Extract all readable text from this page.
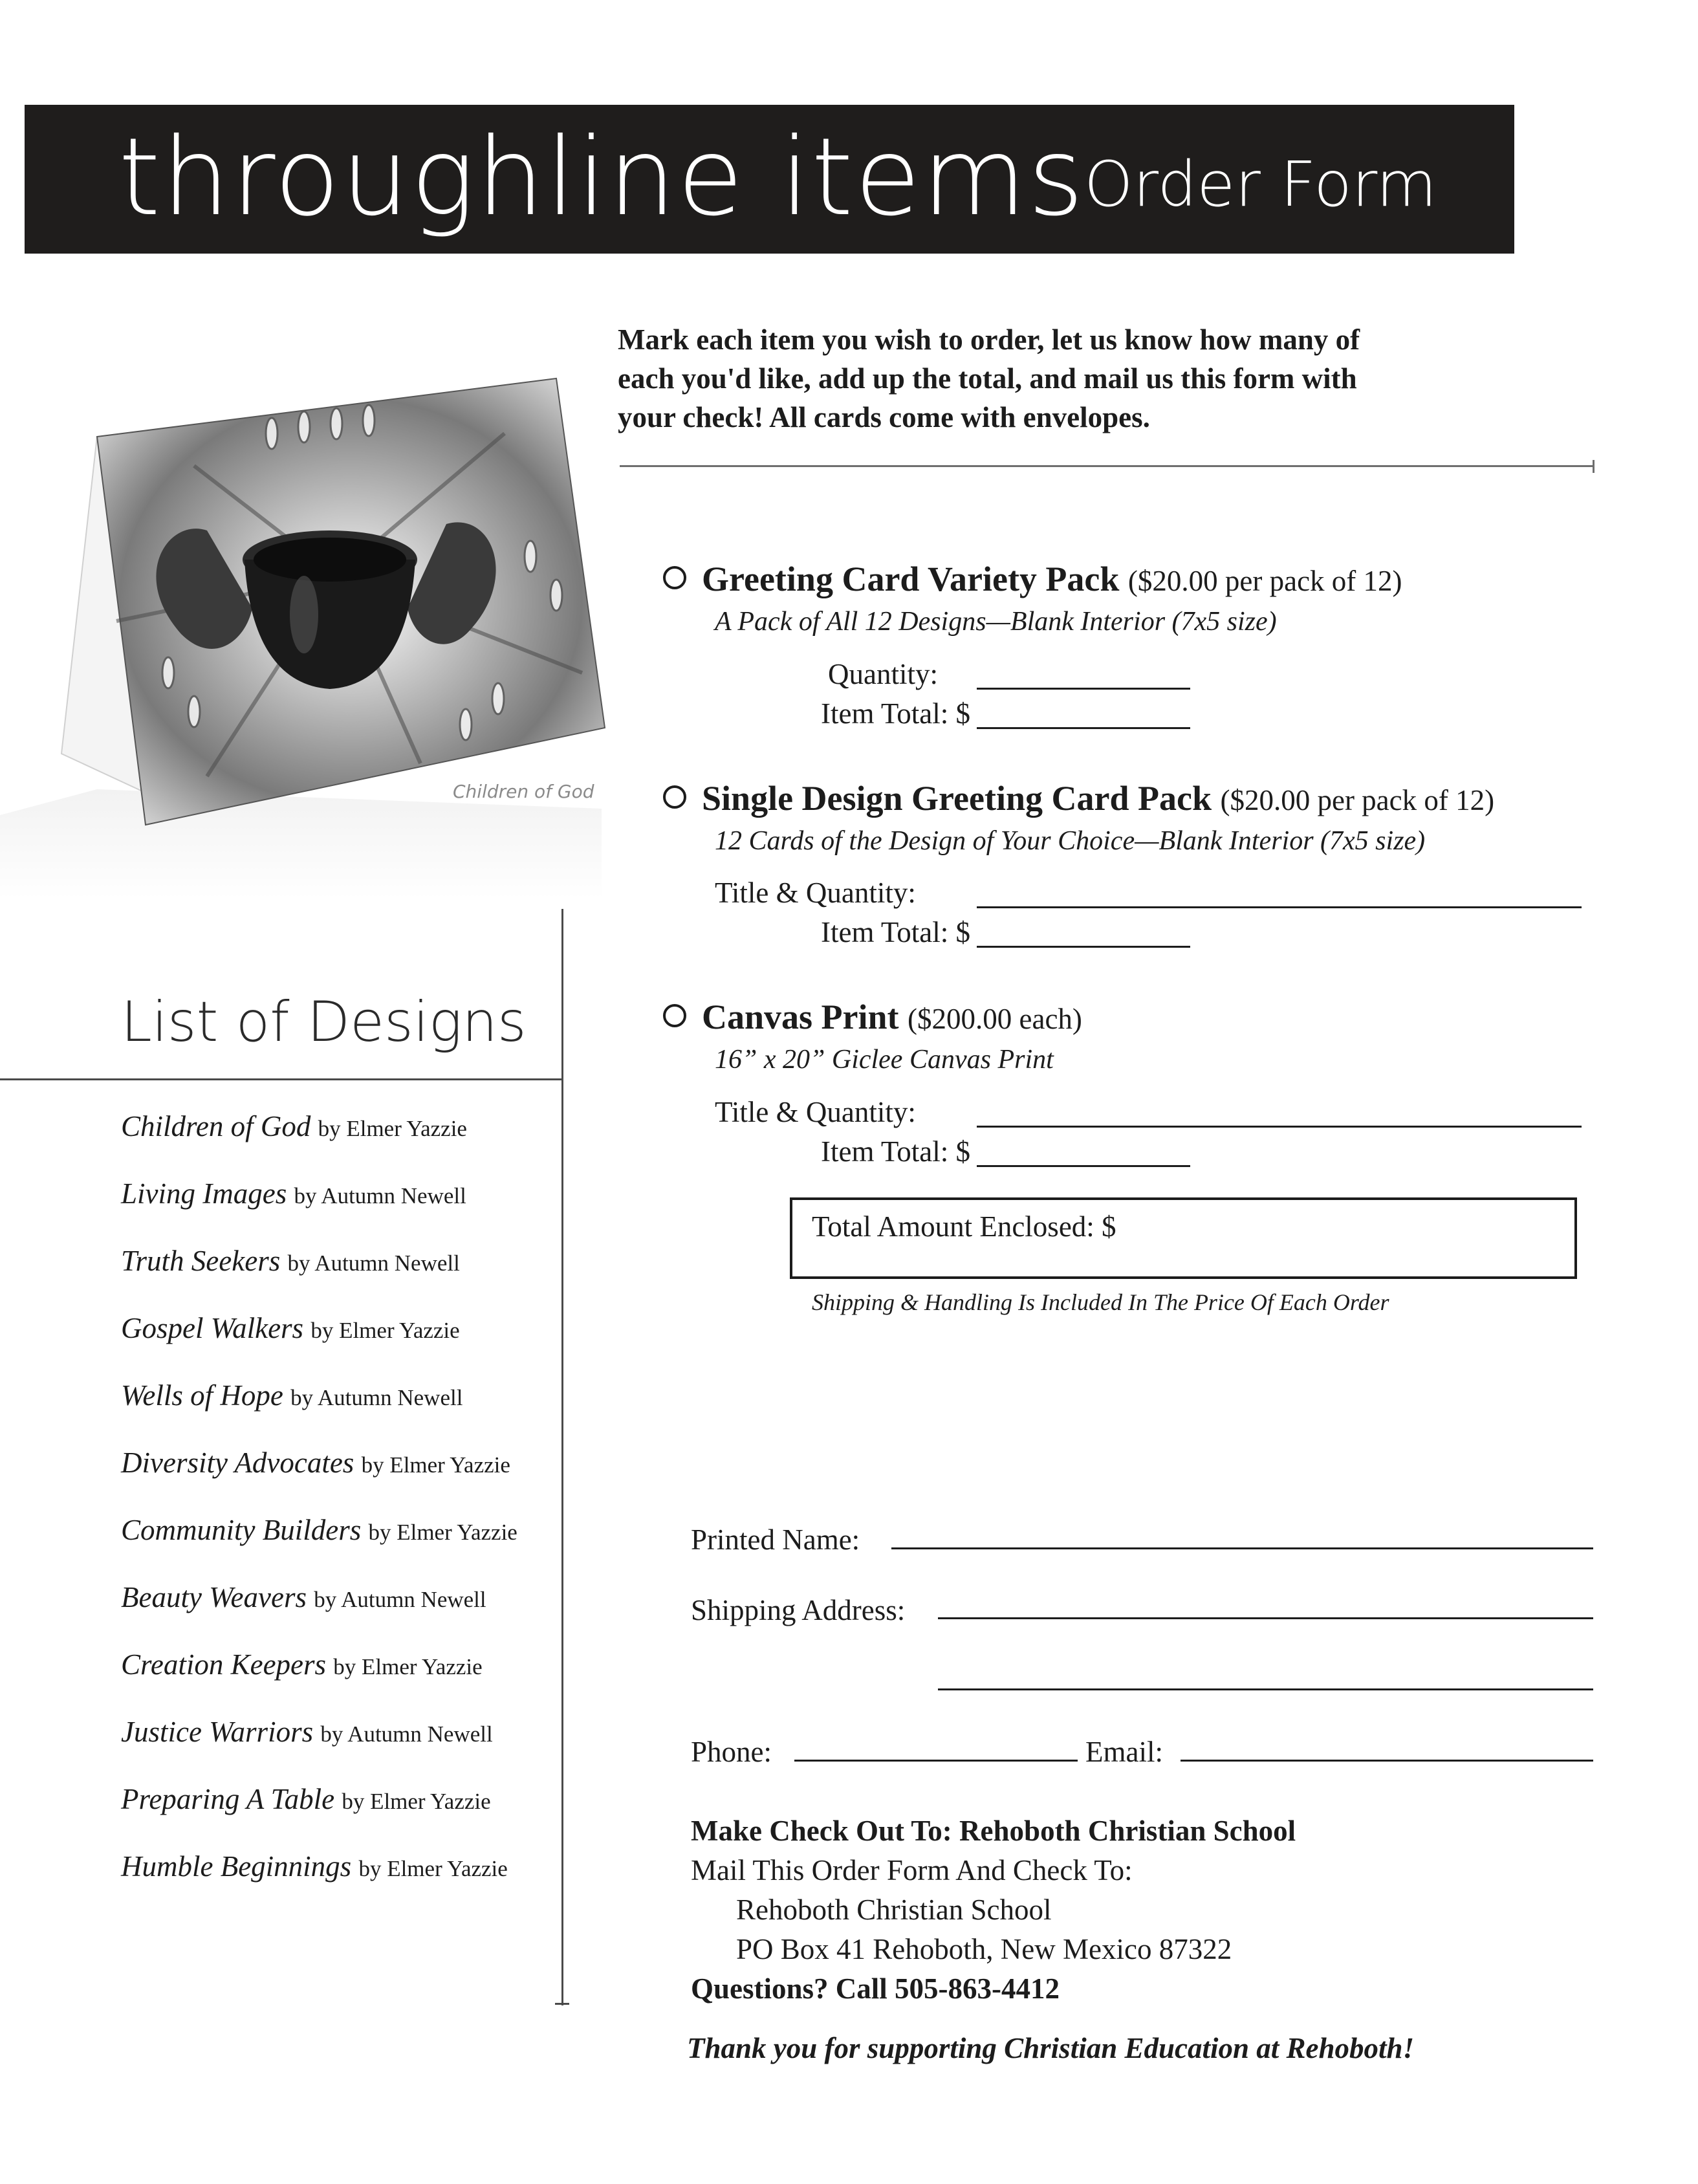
throughline items
Order Form
Mark each item you wish to order, let us know how many of each you'd like, add up the total, and mail us this form with your check! All cards come with envelopes.
Children of God
List of Designs
Children of God by Elmer Yazzie
Living Images by Autumn Newell
Truth Seekers by Autumn Newell
Gospel Walkers by Elmer Yazzie
Wells of Hope by Autumn Newell
Diversity Advocates by Elmer Yazzie
Community Builders by Elmer Yazzie
Beauty Weavers by Autumn Newell
Creation Keepers by Elmer Yazzie
Justice Warriors by Autumn Newell
Preparing A Table by Elmer Yazzie
Humble Beginnings by Elmer Yazzie
Greeting Card Variety Pack ($20.00 per pack of 12)
A Pack of All 12 Designs—Blank Interior (7x5 size)
Quantity:
Item Total: $
Single Design Greeting Card Pack ($20.00 per pack of 12)
12 Cards of the Design of Your Choice—Blank Interior (7x5 size)
Title & Quantity:
Item Total: $
Canvas Print ($200.00 each)
16” x 20” Giclee Canvas Print
Title & Quantity:
Item Total: $
Total Amount Enclosed: $
Shipping & Handling Is Included In The Price Of Each Order
Printed Name:
Shipping Address:
Phone:	Email:
Make Check Out To: Rehoboth Christian School
Mail This Order Form And Check To:
Rehoboth Christian School
PO Box 41 Rehoboth, New Mexico 87322
Questions? Call 505-863-4412
Thank you for supporting Christian Education at Rehoboth!
